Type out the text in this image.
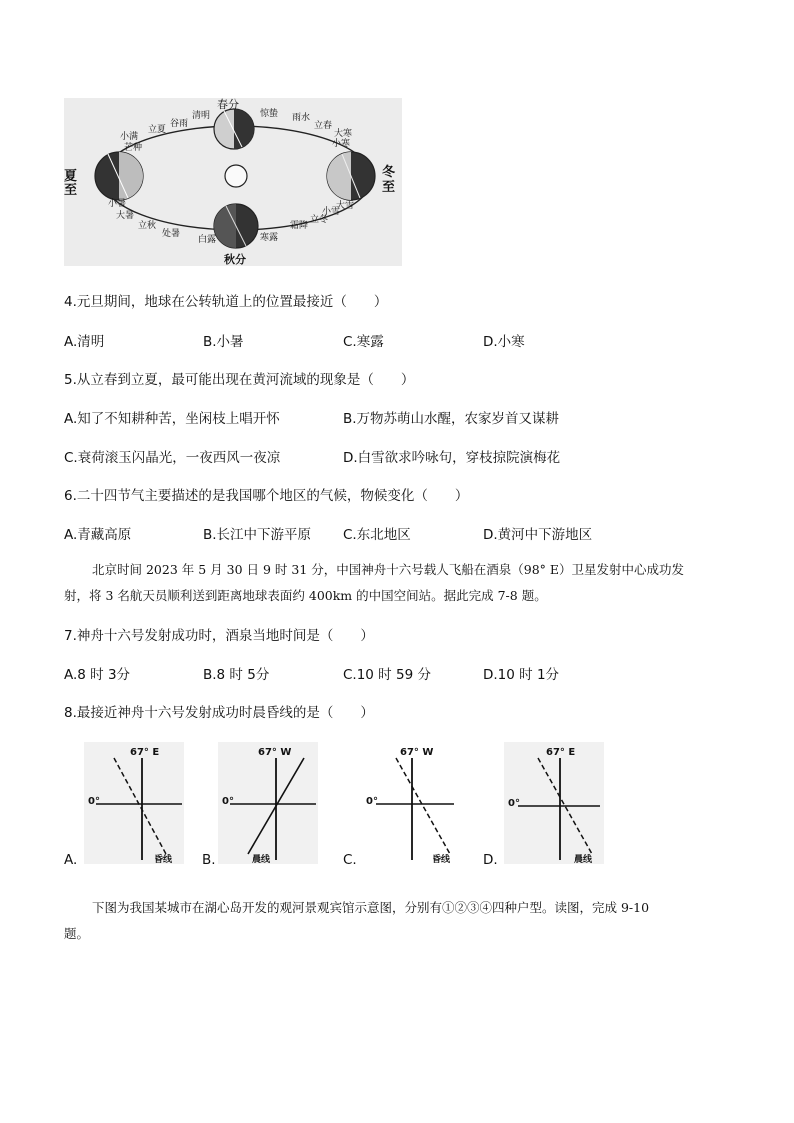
春分
夏
至
冬
至
秋分
清明
谷雨
立夏
小满
芒种
小暑
大暑
立秋
处暑
白露	寒露
霜降
立冬
小雪
大雪
小寒
大寒
立春
雨水
惊蛰
4.元旦期间，地球在公转轨道上的位置最接近（　　）
A.清明	B.小暑	C.寒露	D.小寒
5.从立春到立夏，最可能出现在黄河流域的现象是（　　）
A.知了不知耕种苦，坐闲枝上唱开怀	B.万物苏萌山水醒，农家岁首又谋耕
C.衰荷滚玉闪晶光，一夜西风一夜凉	D.白雪欲求吟咏句，穿枝掠院演梅花
6.二十四节气主要描述的是我国哪个地区的气候，物候变化（　　）
A.青藏高原	B.长江中下游平原 C.东北地区	D.黄河中下游地区
北京时间 2023 年 5 月 30 日 9 时 31 分，中国神舟十六号载人飞船在酒泉（98° E）卫星发射中心成功发
射，将 3 名航天员顺利送到距离地球表面约 400km 的中国空间站。据此完成 7-8 题。
7.神舟十六号发射成功时，酒泉当地时间是（　　）
A.8 时 3分	B.8 时 5分	C.10 时 59 分	D.10 时 1分
8.最接近神舟十六号发射成功时晨昏线的是（　　）
67° E
0°
昏线
A.
67° W
0°
晨线
B.
67° W
0°
昏线
C.
67° E
0°
晨线
D.
下图为我国某城市在湖心岛开发的观河景观宾馆示意图，分别有①②③④四种户型。读图，完成 9-10
题。
